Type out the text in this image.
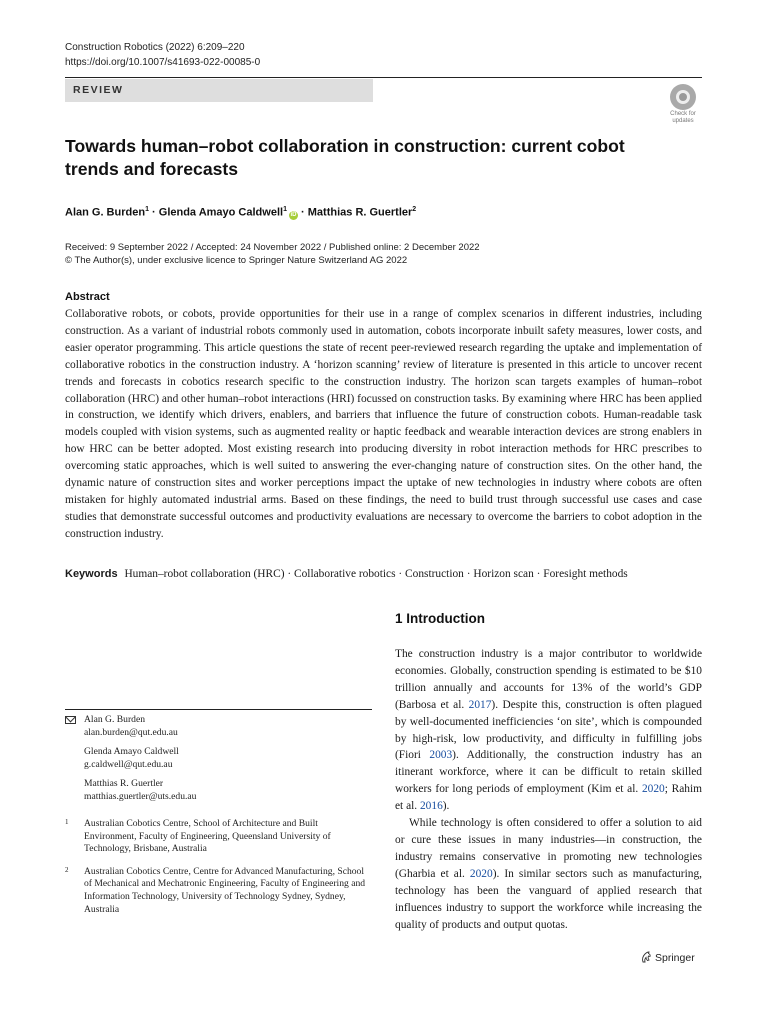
Construction Robotics (2022) 6:209–220
https://doi.org/10.1007/s41693-022-00085-0
REVIEW
Check for
updates
Towards human–robot collaboration in construction: current cobot trends and forecasts
Alan G. Burden$^1$ · Glenda Amayo Caldwell$^1$iD · Matthias R. Guertler$^2$
Received: 9 September 2022 / Accepted: 24 November 2022 / Published online: 2 December 2022
© The Author(s), under exclusive licence to Springer Nature Switzerland AG 2022
Abstract

Collaborative robots, or cobots, provide opportunities for their use in a range of complex scenarios in different industries, including construction. As a variant of industrial robots commonly used in automation, cobots incorporate inbuilt safety measures, lower costs, and easier operator programming. This article questions the state of recent peer-reviewed research regarding the uptake and implementation of collaborative robotics in the construction industry. A ‘horizon scanning’ review of literature is presented in this article to uncover recent trends and forecasts in cobotics research specific to the construction industry. The horizon scan targets examples of human–robot collaboration (HRC) and other human–robot interactions (HRI) focussed on construction tasks. By examining where HRC has been applied in construction, we identify which drivers, enablers, and barriers that influence the future of construction cobots. Human-readable task models coupled with vision systems, such as augmented reality or haptic feedback and wearable interaction devices are strong enablers in how HRC can be better adopted. Most existing research into producing diversity in robot interaction methods for HRC prescribes to overcoming static approaches, which is well suited to answering the ever-changing nature of construction sites. On the other hand, the dynamic nature of construction sites and worker perceptions impact the uptake of new technologies in industry where cobots are often mistaken for highly automated industrial arms. Based on these findings, the need to build trust through successful use cases and case studies that demonstrate successful outcomes and productivity evaluations are necessary to overcome the barriers to cobot adoption in the construction industry.

Keywords Human–robot collaboration (HRC) · Collaborative robotics · Construction · Horizon scan · Foresight methods
1 Introduction

The construction industry is a major contributor to worldwide economies. Globally, construction spending is estimated to be $10 trillion annually and accounts for 13% of the world’s GDP (Barbosa et al. 2017). Despite this, construction is often plagued by well-documented inefficiencies ‘on site’, which is compounded by high-risk, low productivity, and difficulty in fulfilling jobs (Fiori 2003). Additionally, the construction industry has an itinerant workforce, where it can be difficult to retain skilled workers for long periods of employment (Kim et al. 2020; Rahim et al. 2016).

While technology is often considered to offer a solution to aid or cure these issues in many industries—in construction, the industry remains conservative in promoting new technologies (Gharbia et al. 2020). In similar sectors such as manufacturing, technology has been the vanguard of applied research that influences industry to support the workforce while increasing the quality of products and output quotas.

Alan G. Burden
alan.burden@qut.edu.au
Glenda Amayo Caldwell
g.caldwell@qut.edu.au
Matthias R. Guertler
matthias.guertler@uts.edu.au
1 Australian Cobotics Centre, School of Architecture and Built Environment, Faculty of Engineering, Queensland University of Technology, Brisbane, Australia
2 Australian Cobotics Centre, Centre for Advanced Manufacturing, School of Mechanical and Mechatronic Engineering, Faculty of Engineering and Information Technology, University of Technology Sydney, Sydney, Australia
Springer
